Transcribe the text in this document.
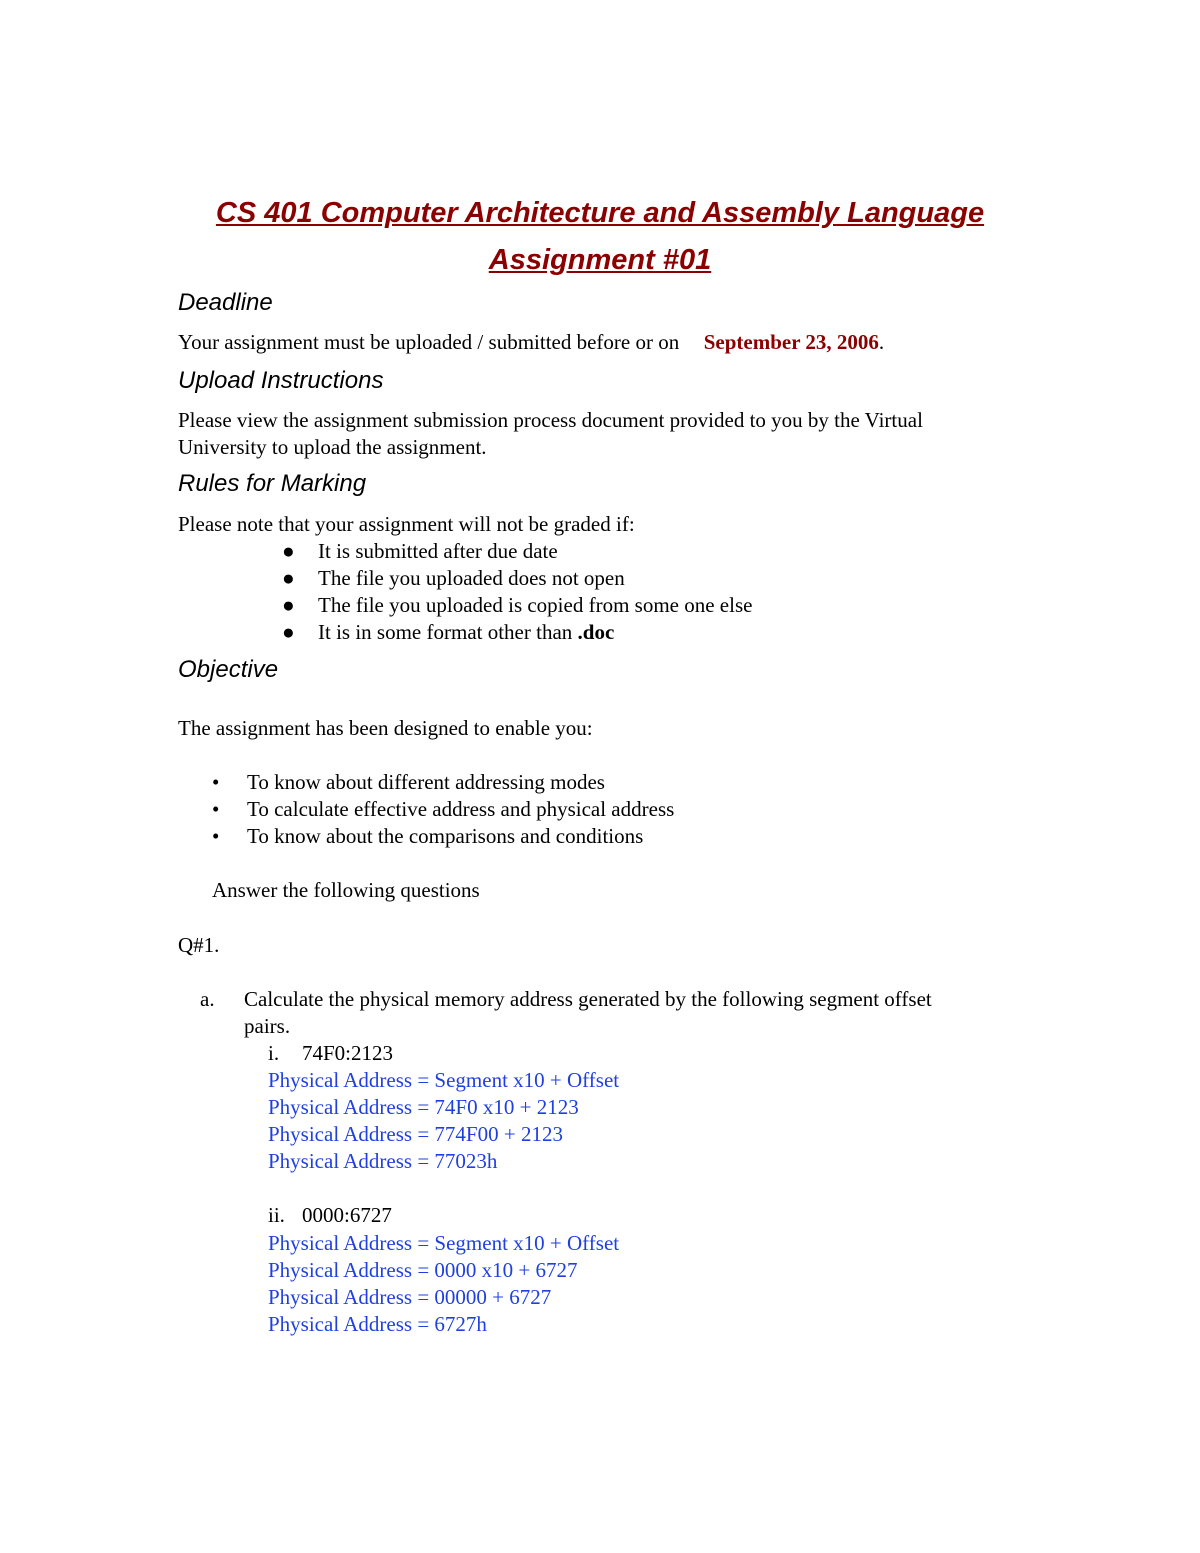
CS 401 Computer Architecture and Assembly Language
Assignment #01
Deadline
Your assignment must be uploaded / submitted before or on September 23, 2006.
Upload Instructions
Please view the assignment submission process document provided to you by the Virtual
University to upload the assignment.
Rules for Marking
Please note that your assignment will not be graded if:
● It is submitted after due date
● The file you uploaded does not open
● The file you uploaded is copied from some one else
● It is in some format other than .doc
Objective
The assignment has been designed to enable you:
• To know about different addressing modes
• To calculate effective address and physical address
• To know about the comparisons and conditions
Answer the following questions
Q#1.
a. Calculate the physical memory address generated by the following segment offset
pairs.
i. 74F0:2123
Physical Address = Segment x10 + Offset
Physical Address = 74F0 x10 + 2123
Physical Address = 774F00 + 2123
Physical Address = 77023h
ii. 0000:6727
Physical Address = Segment x10 + Offset
Physical Address = 0000 x10 + 6727
Physical Address = 00000 + 6727
Physical Address = 6727h
